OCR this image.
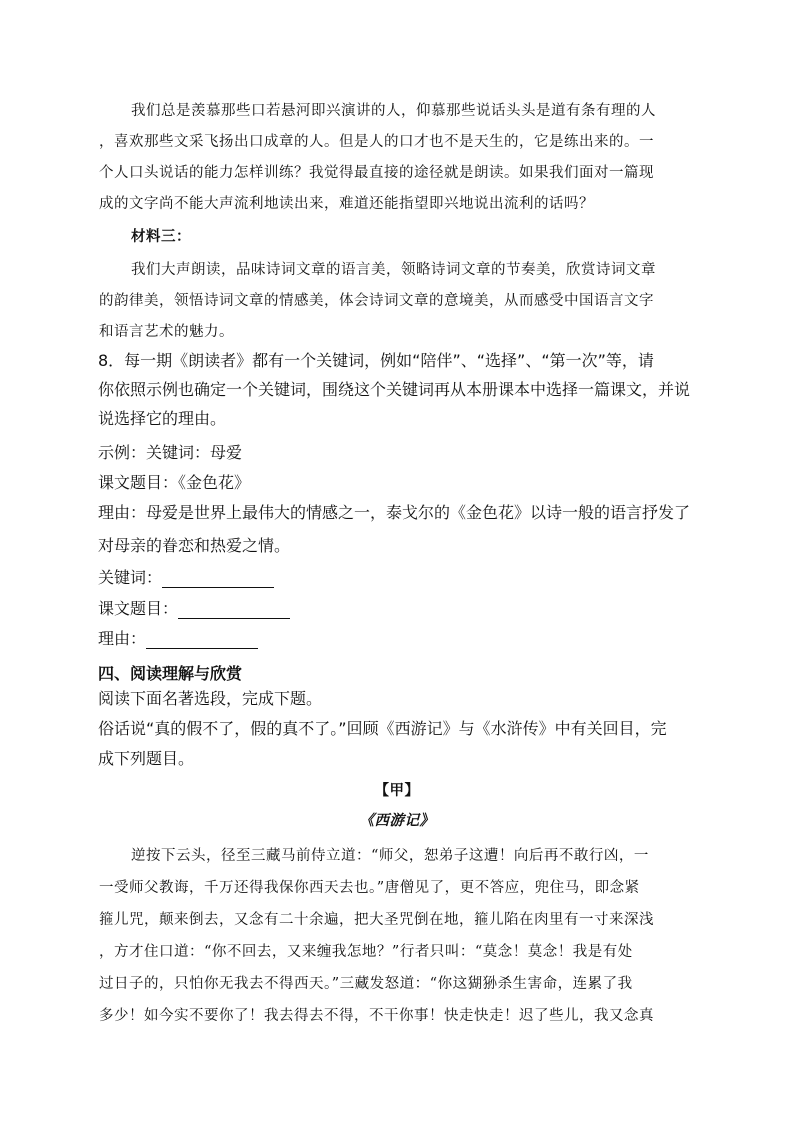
我们总是羡慕那些口若悬河即兴演讲的人，仰慕那些说话头头是道有条有理的人
，喜欢那些文采飞扬出口成章的人。但是人的口才也不是天生的，它是练出来的。一
个人口头说话的能力怎样训练？我觉得最直接的途径就是朗读。如果我们面对一篇现
成的文字尚不能大声流利地读出来，难道还能指望即兴地说出流利的话吗？
材料三：
我们大声朗读，品味诗词文章的语言美，领略诗词文章的节奏美，欣赏诗词文章
的韵律美，领悟诗词文章的情感美，体会诗词文章的意境美，从而感受中国语言文字
和语言艺术的魅力。
8．每一期《朗读者》都有一个关键词，例如“陪伴”、“选择”、“第一次”等，请
你依照示例也确定一个关键词，围绕这个关键词再从本册课本中选择一篇课文，并说
说选择它的理由。
示例：关键词：母爱
课文题目：《金色花》
理由：母爱是世界上最伟大的情感之一，泰戈尔的《金色花》以诗一般的语言抒发了
对母亲的眷恋和热爱之情。
关键词：
课文题目：
理由：
四、阅读理解与欣赏
阅读下面名著选段，完成下题。
俗话说“真的假不了，假的真不了。”回顾《西游记》与《水浒传》中有关回目，完
成下列题目。
【甲】
《西游记》
逆按下云头，径至三藏马前侍立道：“师父，恕弟子这遭！向后再不敢行凶，一
一受师父教诲，千万还得我保你西天去也。”唐僧见了，更不答应，兜住马，即念紧
箍儿咒，颠来倒去，又念有二十余遍，把大圣咒倒在地，箍儿陷在肉里有一寸来深浅
，方才住口道：“你不回去，又来缠我怎地？”行者只叫：“莫念！莫念！我是有处
过日子的，只怕你无我去不得西天。”三藏发怒道：“你这猢狲杀生害命，连累了我
多少！如今实不要你了！我去得去不得，不干你事！快走快走！迟了些儿，我又念真
